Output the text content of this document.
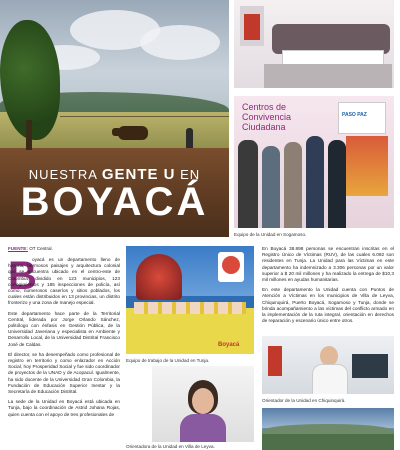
NUESTRA GENTE U EN
BOYACÁ
Centros de
Convivencia
Ciudadana
PASO PAZ
Equipo de la Unidad en Sogamoso.
FUENTE: OT Central.
B

oyacá es un departamento lleno de historia, hermosos paisajes y arquitectura colonial que se encuentra ubicado en el centro-este de Colombia, dividido en 123 municipios, 123 corregimientos y 185 inspecciones de policía, así como, numerosos caseríos y sitios poblados, los cuales están distribuidos en 13 provincias, un distrito fronterizo y una zona de manejo especial.

Este departamento hace parte de la Territorial Central, liderada por Jorge Orlando Sánchez, politólogo con énfasis en Gestión Pública, de la Universidad Javeriana y especialista en Ambiente y Desarrollo Local, de la Universidad Distrital Francisco José de Caldas.

El director, se ha desempeñado como profesional de registro en territorio y como enlazador en Acción Social, hoy Prosperidad Social y fue sido coordinador de proyectos de la UNAD y de Acopacul. Igualmente, ha sido docente de la Universidad Gran Colombia, la Fundación de Educación Superior Inestar y la Secretaría de Educación Distrital.

La sede de la Unidad en Boyacá está ubicada en Tunja, bajo la coordinación de Astrid Johana Rojas, quien cuenta con el apoyo de tres profesionales de

Boyacá
Equipo de trabajo de la Unidad en Tunja.
Orientadora de la Unidad en Villa de Leyva.

En Boyacá 38.898 personas se encuentran inscritas en el Registro Único de Víctimas (RUV), de las cuales 6.092 son residentes en Tunja. La Unidad para las Víctimas en este departamento ha indemnizado a 3.306 personas por un valor superior a $ 20 mil millones y ha realizado la entrega de $10,3 mil millones en ayudas humanitarias.

En este departamento la Unidad cuenta con Puntos de Atención a Víctimas en los municipios de Villa de Leyva, Chiquinquirá, Puerto Boyacá, Sogamoso y Tunja, donde se brinda acompañamiento a las víctimas del conflicto armado en la implementación de la ruta integral, orientación en derechos de reparación y escenario único entre otros.

Orientador de la Unidad en Chiquinquirá.
